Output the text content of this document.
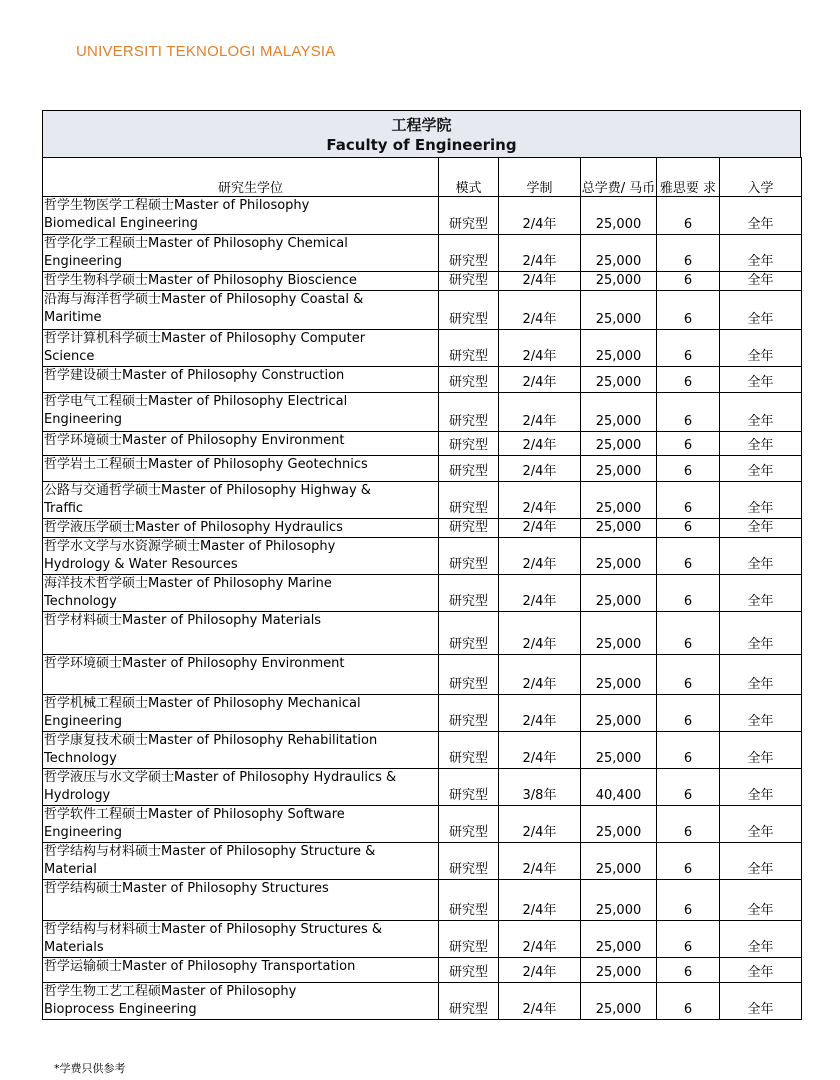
UNIVERSITI TEKNOLOGI MALAYSIA
工程学院
Faculty of Engineering
研究生学位	模式	学制	总学费/ 马币	雅思要 求	入学

哲学生物医学工程硕士Master of Philosophy
Biomedical Engineering	研究型	2/4年	25,000	6	全年

哲学化学工程硕士Master of Philosophy Chemical
Engineering	研究型	2/4年	25,000	6	全年

哲学生物科学硕士Master of Philosophy Bioscience	研究型	2/4年	25,000	6	全年

沿海与海洋哲学硕士Master of Philosophy Coastal &
Maritime	研究型	2/4年	25,000	6	全年

哲学计算机科学硕士Master of Philosophy Computer
Science	研究型	2/4年	25,000	6	全年

哲学建设硕士Master of Philosophy Construction	研究型	2/4年	25,000	6	全年

哲学电气工程硕士Master of Philosophy Electrical
Engineering	研究型	2/4年	25,000	6	全年

哲学环境硕士Master of Philosophy Environment	研究型	2/4年	25,000	6	全年

哲学岩土工程硕士Master of Philosophy Geotechnics	研究型	2/4年	25,000	6	全年

公路与交通哲学硕士Master of Philosophy Highway &
Traffic	研究型	2/4年	25,000	6	全年

哲学液压学硕士Master of Philosophy Hydraulics	研究型	2/4年	25,000	6	全年

哲学水文学与水资源学硕士Master of Philosophy
Hydrology & Water Resources	研究型	2/4年	25,000	6	全年

海洋技术哲学硕士Master of Philosophy Marine
Technology	研究型	2/4年	25,000	6	全年

哲学材料硕士Master of Philosophy Materials	研究型	2/4年	25,000	6	全年

哲学环境硕士Master of Philosophy Environment	研究型	2/4年	25,000	6	全年

哲学机械工程硕士Master of Philosophy Mechanical
Engineering	研究型	2/4年	25,000	6	全年

哲学康复技术硕士Master of Philosophy Rehabilitation
Technology	研究型	2/4年	25,000	6	全年

哲学液压与水文学硕士Master of Philosophy Hydraulics &
Hydrology	研究型	3/8年	40,400	6	全年

哲学软件工程硕士Master of Philosophy Software
Engineering	研究型	2/4年	25,000	6	全年

哲学结构与材料硕士Master of Philosophy Structure &
Material	研究型	2/4年	25,000	6	全年

哲学结构硕士Master of Philosophy Structures	研究型	2/4年	25,000	6	全年

哲学结构与材料硕士Master of Philosophy Structures &
Materials	研究型	2/4年	25,000	6	全年

哲学运输硕士Master of Philosophy Transportation	研究型	2/4年	25,000	6	全年

哲学生物工艺工程硕Master of Philosophy
Bioprocess Engineering	研究型	2/4年	25,000	6	全年
*学费只供参考
